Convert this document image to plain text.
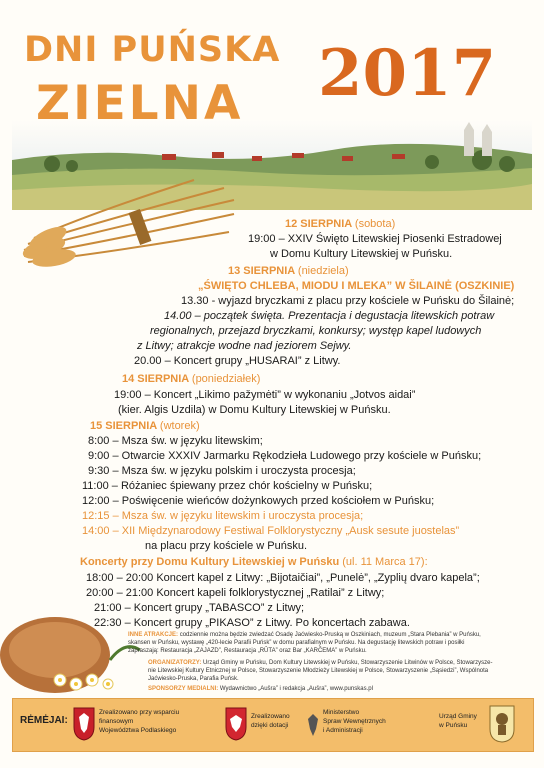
DNI PUŃSKA
ZIELNA 2017
12 SIERPNIA (sobota)
19:00 – XXIV Święto Litewskiej Piosenki Estradowej
w Domu Kultury Litewskiej w Puńsku.
13 SIERPNIA (niedziela)
„ŚWIĘTO CHLEBA, MIODU I MLEKA” W ŠILAINĖ (OSZKINIE)
13.30 - wyjazd bryczkami z placu przy kościele w Puńsku do Šilainė;
14.00 – początek święta. Prezentacja i degustacja litewskich potraw
regionalnych, przejazd bryczkami, konkursy; występ kapel ludowych
z Litwy; atrakcje wodne nad jeziorem Sejwy.
20.00 – Koncert grupy „HUSARAI” z Litwy.
14 SIERPNIA (poniedziałek)
19:00 – Koncert „Likimo pažymėti” w wykonaniu „Jotvos aidai”
(kier. Algis Uzdila) w Domu Kultury Litewskiej w Puńsku.
15 SIERPNIA (wtorek)
8:00 – Msza św. w języku litewskim;
9:00 – Otwarcie XXXIV Jarmarku Rękodzieła Ludowego przy kościele w Puńsku;
9:30 – Msza św. w języku polskim i uroczysta procesja;
11:00 – Różaniec śpiewany przez chór kościelny w Puńsku;
12:00 – Poświęcenie wieńców dożynkowych przed kościołem w Puńsku;
12:15 – Msza św. w języku litewskim i uroczysta procesja;
14:00 – XII Międzynarodowy Festiwal Folklorystyczny „Ausk sesute juostelas”
na placu przy kościele w Puńsku.
Koncerty przy Domu Kultury Litewskiej w Puńsku (ul. 11 Marca 17):
18:00 – 20:00 Koncert kapel z Litwy: „Bijotaičiai”, „Punelė”, „Zyplių dvaro kapela”;
20:00 – 21:00 Koncert kapeli folklorystycznej „Ratilai” z Litwy;
21:00 – Koncert grupy „TABASCO” z Litwy;
22:30 – Koncert grupy „PIKASO” z Litwy. Po koncertach zabawa.
INNE ATRAKCJE: codziennie można będzie zwiedzać Osadę Jaćwiesko-Pruską w Oszkiniach, muzeum „Stara Plebania” w Puńsku,
skansen w Puńsku, wystawę „420-lecie Parafii Puńsk” w domu parafialnym w Puńsku. Na degustację litewskich potraw i posiłki
zapraszają: Restauracja „ZAJAZD”, Restauracja „RŪTA” oraz Bar „KARČEMA” w Puńsku.
ORGANIZATORZY: Urząd Gminy w Puńsku, Dom Kultury Litewskiej w Puńsku, Stowarzyszenie Litwinów w Polsce, Stowarzysze-
nie Litewskiej Kultury Etnicznej w Polsce, Stowarzyszenie Młodzieży Litewskiej w Polsce, Stowarzyszenie „Sąsiedzi”, Wspólnota
Jaćwiesko-Pruska, Parafia Puńsk.
SPONSORZY MEDIALNI: Wydawnictwo „Aušra” i redakcja „Aušra”, www.punskas.pl
RĖMĖJAI:
Zrealizowano przy wsparciu
finansowym
Województwa Podlaskiego
Zrealizowano
dzięki dotacji
Ministerstwo
Spraw Wewnętrznych
i Administracji
Urząd Gminy
w Puńsku
